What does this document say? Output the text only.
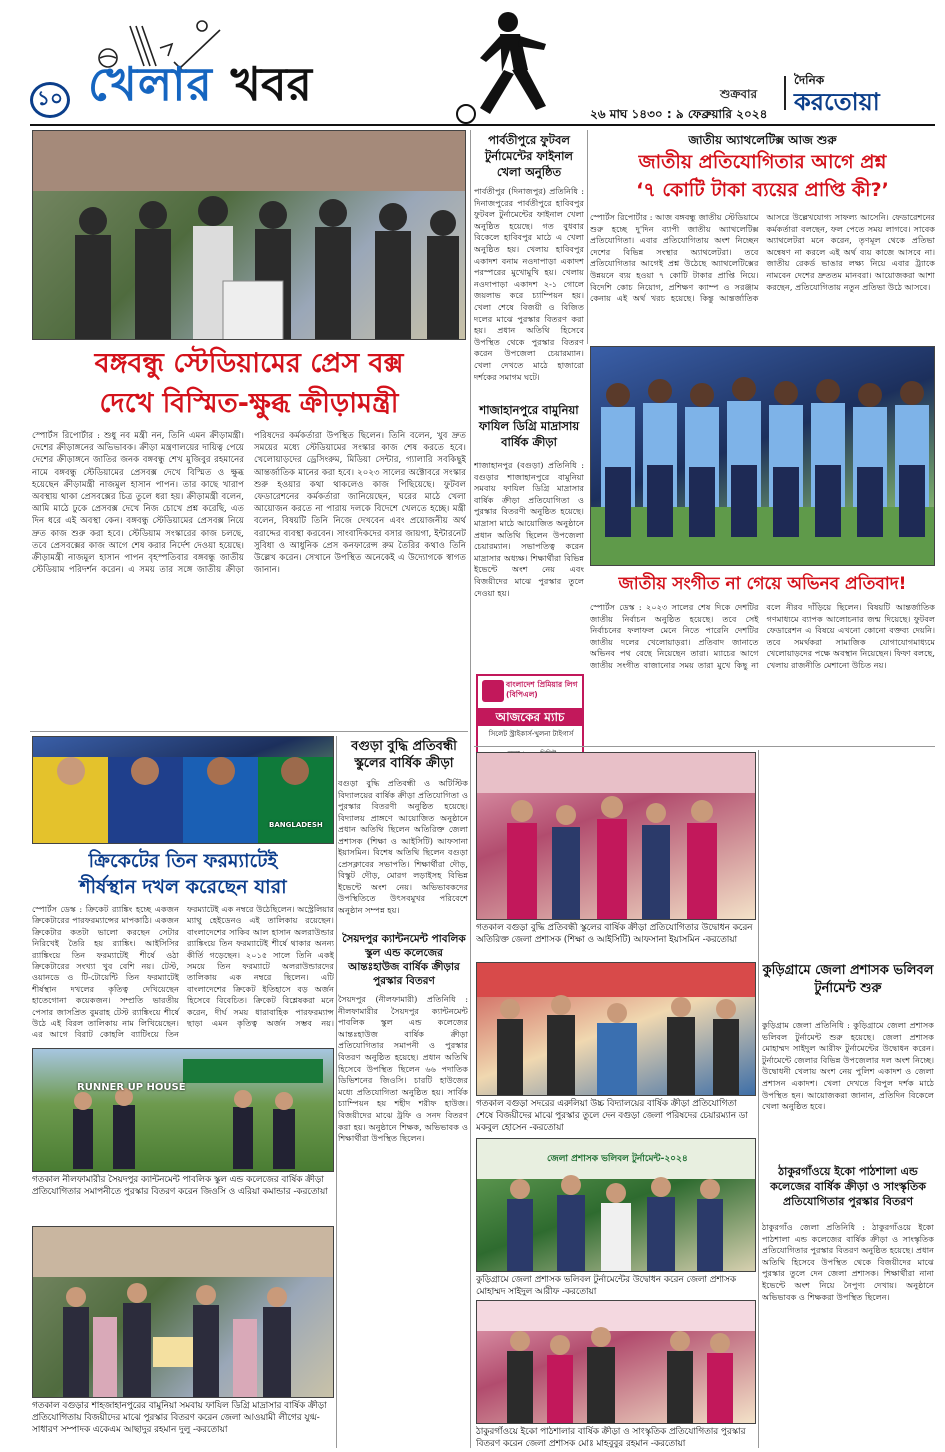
১০ খেলার খবর	শুক্রবার
দৈনিক
করতোয়া
২৬ মাঘ ১৪৩০ : ৯ ফেব্রুয়ারি ২০২৪
বঙ্গবন্ধু স্টেডিয়ামের প্রেস বক্স
দেখে বিস্মিত-ক্ষুব্ধ ক্রীড়ামন্ত্রী
স্পোর্টস রিপোর্টার : শুধু নব মন্ত্রী নন, তিনি এমন ক্রীড়ামন্ত্রী। দেশের ক্রীড়াঙ্গনের অভিভাবক। ক্রীড়া মন্ত্রণালয়ের দায়িত্ব পেয়ে দেশের ক্রীড়াঙ্গনে জাতির জনক বঙ্গবন্ধু শেখ মুজিবুর রহমানের নামে বঙ্গবন্ধু স্টেডিয়ামের প্রেসবক্স দেখে বিস্মিত ও ক্ষুব্ধ হয়েছেন ক্রীড়ামন্ত্রী নাজমুল হাসান পাপন। তার কাছে খারাপ অবস্থায় থাকা প্রেসবক্সের চিত্র তুলে ধরা হয়। ক্রীড়ামন্ত্রী বলেন, আমি মাঠে ঢুকে প্রেসবক্স দেখে নিজ চোখে প্রশ্ন করেছি, এত দিন ধরে এই অবস্থা কেন। বঙ্গবন্ধু স্টেডিয়ামের প্রেসবক্স নিয়ে দ্রুত কাজ শুরু করা হবে। স্টেডিয়াম সংস্কারের কাজ চলছে, তবে প্রেসবক্সের কাজ আগে শেষ করার নির্দেশ দেওয়া হয়েছে। ক্রীড়ামন্ত্রী নাজমুল হাসান পাপন বৃহস্পতিবার বঙ্গবন্ধু জাতীয় স্টেডিয়াম পরিদর্শন করেন। এ সময় তার সঙ্গে জাতীয় ক্রীড়া পরিষদের কর্মকর্তারা উপস্থিত ছিলেন। তিনি বলেন, খুব দ্রুত সময়ের মধ্যে স্টেডিয়ামের সংস্কার কাজ শেষ করতে হবে। খেলোয়াড়দের ড্রেসিংরুম, মিডিয়া সেন্টার, গ্যালারি সবকিছুই আন্তর্জাতিক মানের করা হবে। ২০২৩ সালের অক্টোবরে সংস্কার শুরু হওয়ার কথা থাকলেও কাজ পিছিয়েছে। ফুটবল ফেডারেশনের কর্মকর্তারা জানিয়েছেন, ঘরের মাঠে খেলা আয়োজন করতে না পারায় দলকে বিদেশে খেলতে হচ্ছে। মন্ত্রী বলেন, বিষয়টি তিনি নিজে দেখবেন এবং প্রয়োজনীয় অর্থ বরাদ্দের ব্যবস্থা করবেন। সাংবাদিকদের বসার জায়গা, ইন্টারনেট সুবিধা ও আধুনিক প্রেস কনফারেন্স রুম তৈরির কথাও তিনি উল্লেখ করেন। সেখানে উপস্থিত অনেকেই এ উদ্যোগকে স্বাগত জানান।
BANGLADESH
বগুড়া বুদ্ধি প্রতিবন্ধী স্কুলের বার্ষিক ক্রীড়া
বগুড়া বুদ্ধি প্রতিবন্ধী ও অটিস্টিক বিদ্যালয়ের বার্ষিক ক্রীড়া প্রতিযোগিতা ও পুরস্কার বিতরণী অনুষ্ঠিত হয়েছে। বিদ্যালয় প্রাঙ্গণে আয়োজিত অনুষ্ঠানে প্রধান অতিথি ছিলেন অতিরিক্ত জেলা প্রশাসক (শিক্ষা ও আইসিটি) আফসানা ইয়াসমিন। বিশেষ অতিথি ছিলেন বগুড়া প্রেসক্লাবের সভাপতি। শিক্ষার্থীরা দৌড়, বিস্কুট দৌড়, মোরগ লড়াইসহ বিভিন্ন ইভেন্টে অংশ নেয়। অভিভাবকদের উপস্থিতিতে উৎসবমুখর পরিবেশে অনুষ্ঠান সম্পন্ন হয়।
ক্রিকেটের তিন ফরম্যাটেই
শীর্ষস্থান দখল করেছেন যারা
স্পোর্টস ডেস্ক : ক্রিকেট র‍্যাঙ্কিং হচ্ছে একজন ক্রিকেটারের পারফরম্যান্সের মাপকাঠি। একজন ক্রিকেটার কতটা ভালো করছেন সেটার নিরিখেই তৈরি হয় র‍্যাঙ্কিং। আইসিসির র‍্যাঙ্কিংয়ে তিন ফরম্যাটেই শীর্ষে ওঠা ক্রিকেটারের সংখ্যা খুব বেশি নয়। টেস্ট, ওয়ানডে ও টি-টোয়েন্টি তিন ফরম্যাটেই শীর্ষস্থান দখলের কৃতিত্ব দেখিয়েছেন হাতেগোনা কয়েকজন। সম্প্রতি ভারতীয় পেসার জাসপ্রিত বুমরাহ টেস্ট র‍্যাঙ্কিংয়ে শীর্ষে উঠে এই বিরল তালিকায় নাম লিখিয়েছেন। এর আগে বিরাট কোহলি ব্যাটিংয়ে তিন ফরম্যাটেই এক নম্বরে উঠেছিলেন। অস্ট্রেলিয়ার ম্যাথু হেইডেনও এই তালিকায় রয়েছেন। বাংলাদেশের সাকিব আল হাসান অলরাউন্ডার র‍্যাঙ্কিংয়ে তিন ফরম্যাটেই শীর্ষে থাকার অনন্য কীর্তি গড়েছেন। ২০১৫ সালে তিনি একই সময়ে তিন ফরম্যাটে অলরাউন্ডারদের তালিকায় এক নম্বরে ছিলেন। এটি বাংলাদেশের ক্রিকেট ইতিহাসে বড় অর্জন হিসেবে বিবেচিত। ক্রিকেট বিশ্লেষকরা মনে করেন, দীর্ঘ সময় ধারাবাহিক পারফরম্যান্স ছাড়া এমন কৃতিত্ব অর্জন সম্ভব নয়।
সৈয়দপুর ক্যান্টনমেন্ট পাবলিক স্কুল এন্ড কলেজের আন্তঃহাউজ বার্ষিক ক্রীড়ার পুরস্কার বিতরণ
সৈয়দপুর (নীলফামারী) প্রতিনিধি : নীলফামারীর সৈয়দপুর ক্যান্টনমেন্ট পাবলিক স্কুল এন্ড কলেজের আন্তঃহাউজ বার্ষিক ক্রীড়া প্রতিযোগিতার সমাপনী ও পুরস্কার বিতরণ অনুষ্ঠিত হয়েছে। প্রধান অতিথি হিসেবে উপস্থিত ছিলেন ৬৬ পদাতিক ডিভিশনের জিওসি। চারটি হাউজের মধ্যে প্রতিযোগিতা অনুষ্ঠিত হয়। সার্বিক চ্যাম্পিয়ন হয় শহীদ শরীফ হাউজ। বিজয়ীদের মাঝে ট্রফি ও সনদ বিতরণ করা হয়। অনুষ্ঠানে শিক্ষক, অভিভাবক ও শিক্ষার্থীরা উপস্থিত ছিলেন।
RUNNER UP HOUSE
গতকাল নীলফামারীর সৈয়দপুর ক্যান্টনমেন্ট পাবলিক স্কুল এন্ড কলেজের বার্ষিক ক্রীড়া প্রতিযোগিতার সমাপনীতে পুরস্কার বিতরণ করেন জিওসি ও এরিয়া কমান্ডার -করতোয়া
গতকাল বগুড়ার শাহজাহানপুরের বামুনিয়া সমবায় ফাযিল ডিগ্রি মাদ্রাসার বার্ষিক ক্রীড়া প্রতিযোগিতায় বিজয়ীদের মাঝে পুরস্কার বিতরণ করেন জেলা আওয়ামী লীগের যুগ্ম-সাধারণ সম্পাদক একেএম আছাদুর রহমান দুলু -করতোয়া
পার্বতীপুরে ফুটবল টুর্নামেন্টের ফাইনাল খেলা অনুষ্ঠিত
পার্বতীপুর (দিনাজপুর) প্রতিনিধি : দিনাজপুরের পার্বতীপুরে হাবিবপুর ফুটবল টুর্নামেন্টের ফাইনাল খেলা অনুষ্ঠিত হয়েছে। গত বুধবার বিকেলে হাবিবপুর মাঠে এ খেলা অনুষ্ঠিত হয়। খেলায় হাবিবপুর একাদশ বনাম নওদাপাড়া একাদশ পরস্পরের মুখোমুখি হয়। খেলায় নওদাপাড়া একাদশ ২-১ গোলে জয়লাভ করে চ্যাম্পিয়ন হয়। খেলা শেষে বিজয়ী ও বিজিত দলের মাঝে পুরস্কার বিতরণ করা হয়। প্রধান অতিথি হিসেবে উপস্থিত থেকে পুরস্কার বিতরণ করেন উপজেলা চেয়ারম্যান। খেলা দেখতে মাঠে হাজারো দর্শকের সমাগম ঘটে।
জাতীয় অ্যাথলেটিক্স আজ শুরু
জাতীয় প্রতিযোগিতার আগে প্রশ্ন
‘৭ কোটি টাকা ব্যয়ের প্রাপ্তি কী?’
স্পোর্টস রিপোর্টার : আজ বঙ্গবন্ধু জাতীয় স্টেডিয়ামে শুরু হচ্ছে দু'দিন ব্যাপী জাতীয় অ্যাথলেটিক্স প্রতিযোগিতা। এবার প্রতিযোগিতায় অংশ নিচ্ছেন দেশের বিভিন্ন সংস্থার অ্যাথলেটরা। তবে প্রতিযোগিতার আগেই প্রশ্ন উঠেছে অ্যাথলেটিক্সের উন্নয়নে ব্যয় হওয়া ৭ কোটি টাকার প্রাপ্তি নিয়ে। বিদেশি কোচ নিয়োগ, প্রশিক্ষণ ক্যাম্প ও সরঞ্জাম কেনায় এই অর্থ খরচ হয়েছে। কিন্তু আন্তর্জাতিক আসরে উল্লেখযোগ্য সাফল্য আসেনি। ফেডারেশনের কর্মকর্তারা বলছেন, ফল পেতে সময় লাগবে। সাবেক অ্যাথলেটরা মনে করেন, তৃণমূল থেকে প্রতিভা অন্বেষণ না করলে এই অর্থ ব্যয় কাজে আসবে না। জাতীয় রেকর্ড ভাঙার লক্ষ্য নিয়ে এবার ট্র্যাকে নামবেন দেশের দ্রুততম মানবরা। আয়োজকরা আশা করছেন, প্রতিযোগিতায় নতুন প্রতিভা উঠে আসবে।
শাজাহানপুরে বামুনিয়া ফাযিল ডিগ্রি মাদ্রাসায় বার্ষিক ক্রীড়া
শাজাহানপুর (বগুড়া) প্রতিনিধি : বগুড়ার শাজাহানপুরে বামুনিয়া সমবায় ফাযিল ডিগ্রি মাদ্রাসার বার্ষিক ক্রীড়া প্রতিযোগিতা ও পুরস্কার বিতরণী অনুষ্ঠিত হয়েছে। মাদ্রাসা মাঠে আয়োজিত অনুষ্ঠানে প্রধান অতিথি ছিলেন উপজেলা চেয়ারম্যান। সভাপতিত্ব করেন মাদ্রাসার অধ্যক্ষ। শিক্ষার্থীরা বিভিন্ন ইভেন্টে অংশ নেয় এবং বিজয়ীদের মাঝে পুরস্কার তুলে দেওয়া হয়।	জাতীয় সংগীত না গেয়ে অভিনব প্রতিবাদ!
স্পোর্টস ডেস্ক : ২০২৩ সালের শেষ দিকে দেশটির জাতীয় নির্বাচন অনুষ্ঠিত হয়েছে। তবে সেই নির্বাচনের ফলাফল মেনে নিতে পারেনি দেশটির জাতীয় দলের খেলোয়াড়রা। প্রতিবাদ জানাতে অভিনব পথ বেছে নিয়েছেন তারা। ম্যাচের আগে জাতীয় সংগীত বাজানোর সময় তারা মুখে কিছু না বলে নীরব দাঁড়িয়ে ছিলেন। বিষয়টি আন্তর্জাতিক গণমাধ্যমে ব্যাপক আলোচনার জন্ম দিয়েছে। ফুটবল ফেডারেশন এ বিষয়ে এখনো কোনো বক্তব্য দেয়নি। তবে সমর্থকরা সামাজিক যোগাযোগমাধ্যমে খেলোয়াড়দের পক্ষে অবস্থান নিয়েছেন। ফিফা বলছে, খেলায় রাজনীতি মেশানো উচিত নয়।
বাংলাদেশ প্রিমিয়ার লিগ (বিপিএল)
আজকের ম্যাচ
সিলেট স্ট্রাইকার্স-খুলনা টাইগার্স
গতকাল বগুড়া বুদ্ধি প্রতিবন্ধী স্কুলের বার্ষিক ক্রীড়া প্রতিযোগিতার উদ্বোধন করেন অতিরিক্ত জেলা প্রশাসক (শিক্ষা ও আইসিটি) আফসানা ইয়াসমিন -করতোয়া
কুড়িগ্রামে জেলা প্রশাসক ভলিবল টুর্নামেন্ট শুরু
কুড়িগ্রাম জেলা প্রতিনিধি : কুড়িগ্রামে জেলা প্রশাসক ভলিবল টুর্নামেন্ট শুরু হয়েছে। জেলা প্রশাসক মোহাম্মদ সাইদুল আরীফ টুর্নামেন্টের উদ্বোধন করেন। টুর্নামেন্টে জেলার বিভিন্ন উপজেলার দল অংশ নিচ্ছে। উদ্বোধনী খেলায় অংশ নেয় পুলিশ একাদশ ও জেলা প্রশাসন একাদশ। খেলা দেখতে বিপুল দর্শক মাঠে উপস্থিত হন। আয়োজকরা জানান, প্রতিদিন বিকেলে খেলা অনুষ্ঠিত হবে।
ঠাকুরগাঁওয়ে ইকো পাঠশালা এন্ড কলেজের বার্ষিক ক্রীড়া ও সাংস্কৃতিক প্রতিযোগিতার পুরস্কার বিতরণ
ঠাকুরগাঁও জেলা প্রতিনিধি : ঠাকুরগাঁওয়ে ইকো পাঠশালা এন্ড কলেজের বার্ষিক ক্রীড়া ও সাংস্কৃতিক প্রতিযোগিতার পুরস্কার বিতরণ অনুষ্ঠিত হয়েছে। প্রধান অতিথি হিসেবে উপস্থিত থেকে বিজয়ীদের মাঝে পুরস্কার তুলে দেন জেলা প্রশাসক। শিক্ষার্থীরা নানা ইভেন্টে অংশ নিয়ে নৈপুণ্য দেখায়। অনুষ্ঠানে অভিভাবক ও শিক্ষকরা উপস্থিত ছিলেন।
গতকাল বগুড়া সদরের এরুলিয়া উচ্চ বিদ্যালয়ের বার্ষিক ক্রীড়া প্রতিযোগিতা শেষে বিজয়ীদের মাঝে পুরস্কার তুলে দেন বগুড়া জেলা পরিষদের চেয়ারম্যান ডা মকবুল হোসেন -করতোয়া
জেলা প্রশাসক ভলিবল টুর্নামেন্ট-২০২৪
কুড়িগ্রামে জেলা প্রশাসক ভলিবল টুর্নামেন্টের উদ্বোধন করেন জেলা প্রশাসক মোহাম্মদ সাইদুল আরীফ -করতোয়া
ঠাকুরগাঁওয়ে ইকো পাঠশালার বার্ষিক ক্রীড়া ও সাংস্কৃতিক প্রতিযোগিতার পুরস্কার বিতরণ করেন জেলা প্রশাসক মোঃ মাহবুবুর রহমান -করতোয়া
